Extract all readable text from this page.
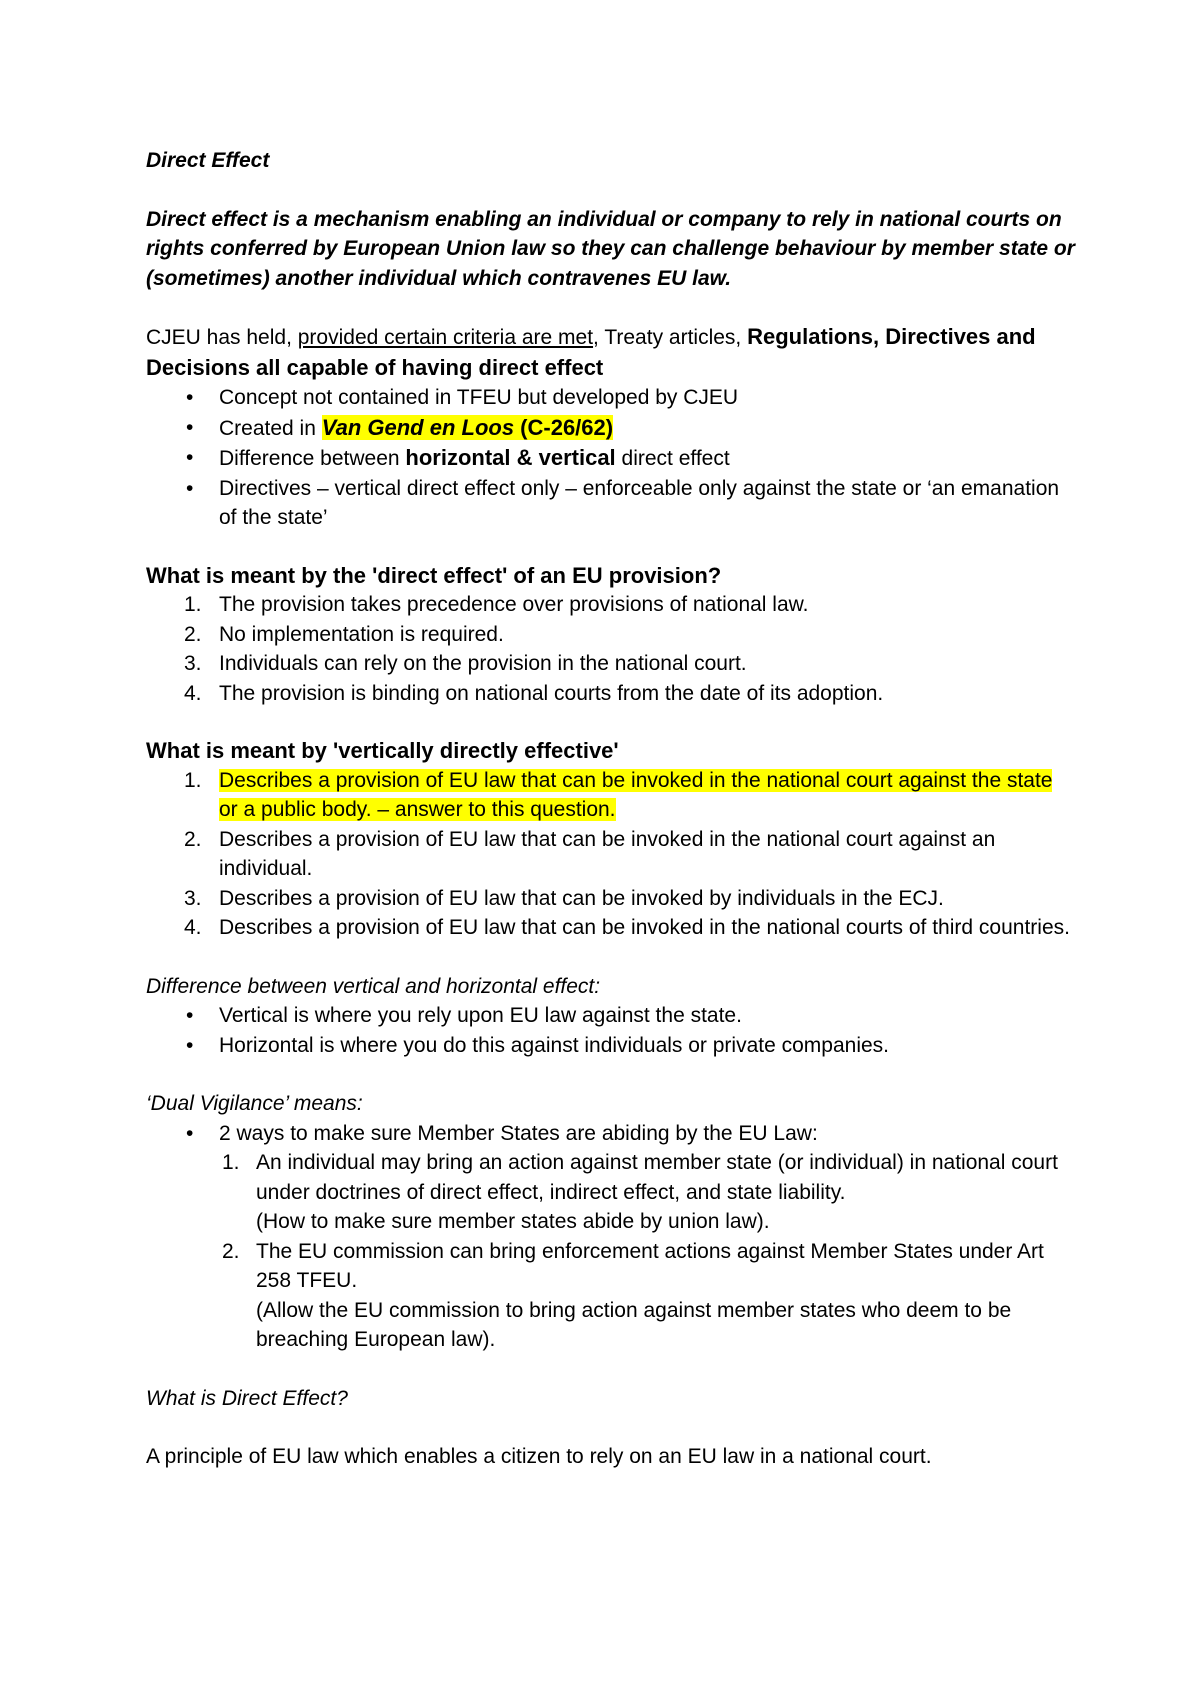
Direct Effect

Direct effect is a mechanism enabling an individual or company to rely in national courts on rights conferred by European Union law so they can challenge behaviour by member state or (sometimes) another individual which contravenes EU law.

CJEU has held, provided certain criteria are met, Treaty articles, Regulations, Directives and Decisions all capable of having direct effect

•	Concept not contained in TFEU but developed by CJEU
•	Created in Van Gend en Loos (C-26/62)
•	Difference between horizontal & vertical direct effect
•	Directives – vertical direct effect only – enforceable only against the state or ‘an emanation of the state’

What is meant by the 'direct effect' of an EU provision?

1. The provision takes precedence over provisions of national law.
2. No implementation is required.
3. Individuals can rely on the provision in the national court.
4. The provision is binding on national courts from the date of its adoption.

What is meant by 'vertically directly effective'

1. Describes a provision of EU law that can be invoked in the national court against the state or a public body. – answer to this question.
2. Describes a provision of EU law that can be invoked in the national court against an individual.
3. Describes a provision of EU law that can be invoked by individuals in the ECJ.
4. Describes a provision of EU law that can be invoked in the national courts of third countries.

Difference between vertical and horizontal effect:

•	Vertical is where you rely upon EU law against the state.
•	Horizontal is where you do this against individuals or private companies.

‘Dual Vigilance’ means:

•	2 ways to make sure Member States are abiding by the EU Law:
1. An individual may bring an action against member state (or individual) in national court under doctrines of direct effect, indirect effect, and state liability.
(How to make sure member states abide by union law).
2. The EU commission can bring enforcement actions against Member States under Art 258 TFEU.
(Allow the EU commission to bring action against member states who deem to be breaching European law).

What is Direct Effect?

A principle of EU law which enables a citizen to rely on an EU law in a national court.
